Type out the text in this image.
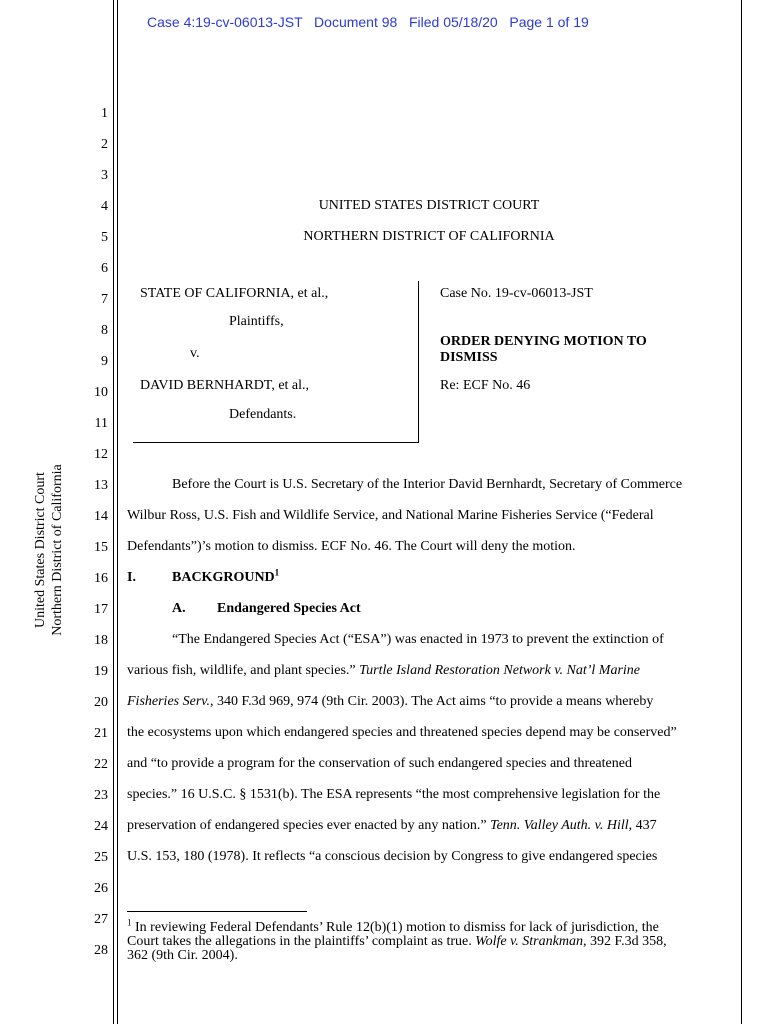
Case 4:19-cv-06013-JST   Document 98   Filed 05/18/20   Page 1 of 19
United States District Court Northern District of California
1
2
3
4
5
6
7
8
9
10
11
12
13
14
15
16
17
18
19
20
21
22
23
24
25
26
27
28
UNITED STATES DISTRICT COURT
NORTHERN DISTRICT OF CALIFORNIA
STATE OF CALIFORNIA, et al.,
Plaintiffs,
v.
DAVID BERNHARDT, et al.,
Defendants.
Case No. 19-cv-06013-JST
ORDER DENYING MOTION TO
DISMISS
Re: ECF No. 46
Before the Court is U.S. Secretary of the Interior David Bernhardt, Secretary of Commerce
Wilbur Ross, U.S. Fish and Wildlife Service, and National Marine Fisheries Service (“Federal
Defendants”)’s motion to dismiss. ECF No. 46. The Court will deny the motion.
I.	BACKGROUND$^1$
A. Endangered Species Act
“The Endangered Species Act (“ESA”) was enacted in 1973 to prevent the extinction of
various fish, wildlife, and plant species.” Turtle Island Restoration Network v. Nat’l Marine
Fisheries Serv., 340 F.3d 969, 974 (9th Cir. 2003). The Act aims “to provide a means whereby
the ecosystems upon which endangered species and threatened species depend may be conserved”
and “to provide a program for the conservation of such endangered species and threatened
species.” 16 U.S.C. § 1531(b). The ESA represents “the most comprehensive legislation for the
preservation of endangered species ever enacted by any nation.” Tenn. Valley Auth. v. Hill, 437
U.S. 153, 180 (1978). It reflects “a conscious decision by Congress to give endangered species
$^1$ In reviewing Federal Defendants’ Rule 12(b)(1) motion to dismiss for lack of jurisdiction, the
Court takes the allegations in the plaintiffs’ complaint as true. Wolfe v. Strankman, 392 F.3d 358,
362 (9th Cir. 2004).
